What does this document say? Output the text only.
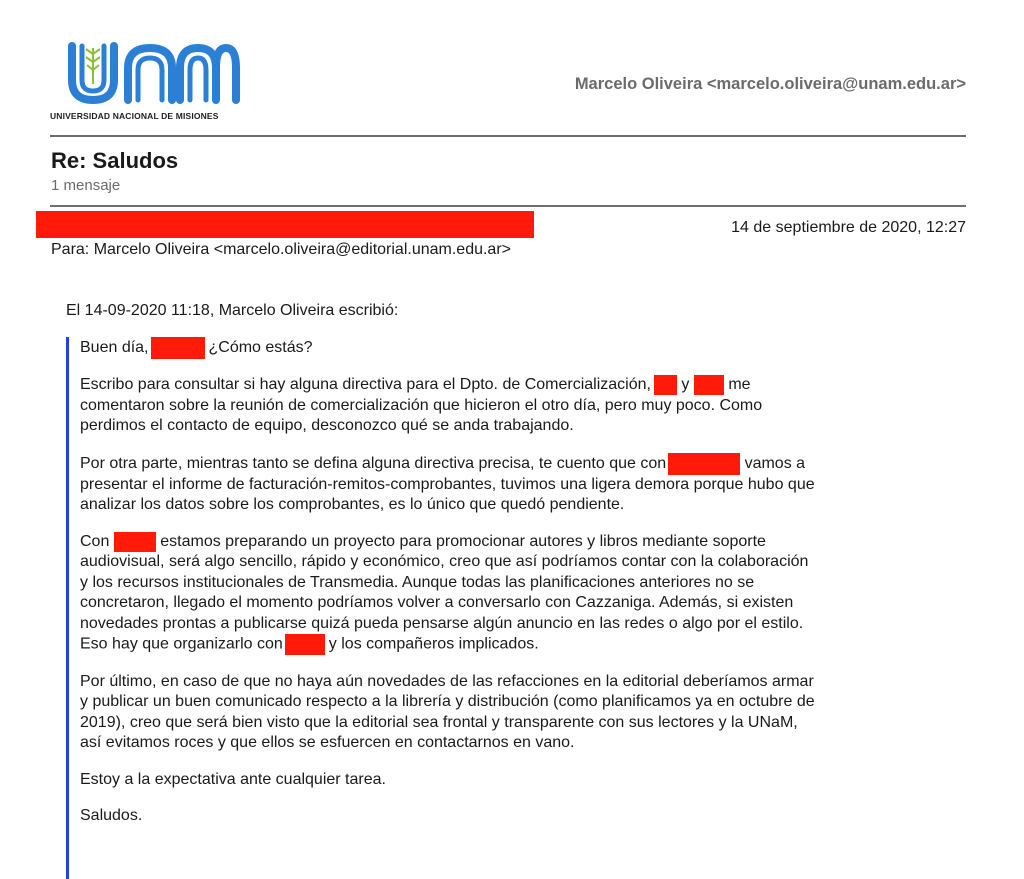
UNIVERSIDAD NACIONAL DE MISIONES
Marcelo Oliveira <marcelo.oliveira@unam.edu.ar>
Re: Saludos
1 mensaje
14 de septiembre de 2020, 12:27
Para: Marcelo Oliveira <marcelo.oliveira@editorial.unam.edu.ar>
El 14-09-2020 11:18, Marcelo Oliveira escribió:

Buen día,	¿Cómo estás?

Escribo para consultar si hay alguna directiva para el Dpto. de Comercialización, y me
comentaron sobre la reunión de comercialización que hicieron el otro día, pero muy poco. Como
perdimos el contacto de equipo, desconozco qué se anda trabajando.

Por otra parte, mientras tanto se defina alguna directiva precisa, te cuento que con	vamos a
presentar el informe de facturación-remitos-comprobantes, tuvimos una ligera demora porque hubo que
analizar los datos sobre los comprobantes, es lo único que quedó pendiente.

Con	estamos preparando un proyecto para promocionar autores y libros mediante soporte
audiovisual, será algo sencillo, rápido y económico, creo que así podríamos contar con la colaboración
y los recursos institucionales de Transmedia. Aunque todas las planificaciones anteriores no se
concretaron, llegado el momento podríamos volver a conversarlo con Cazzaniga. Además, si existen
novedades prontas a publicarse quizá pueda pensarse algún anuncio en las redes o algo por el estilo.
Eso hay que organizarlo con	y los compañeros implicados.

Por último, en caso de que no haya aún novedades de las refacciones en la editorial deberíamos armar
y publicar un buen comunicado respecto a la librería y distribución (como planificamos ya en octubre de
2019), creo que será bien visto que la editorial sea frontal y transparente con sus lectores y la UNaM,
así evitamos roces y que ellos se esfuercen en contactarnos en vano.

Estoy a la expectativa ante cualquier tarea.

Saludos.
